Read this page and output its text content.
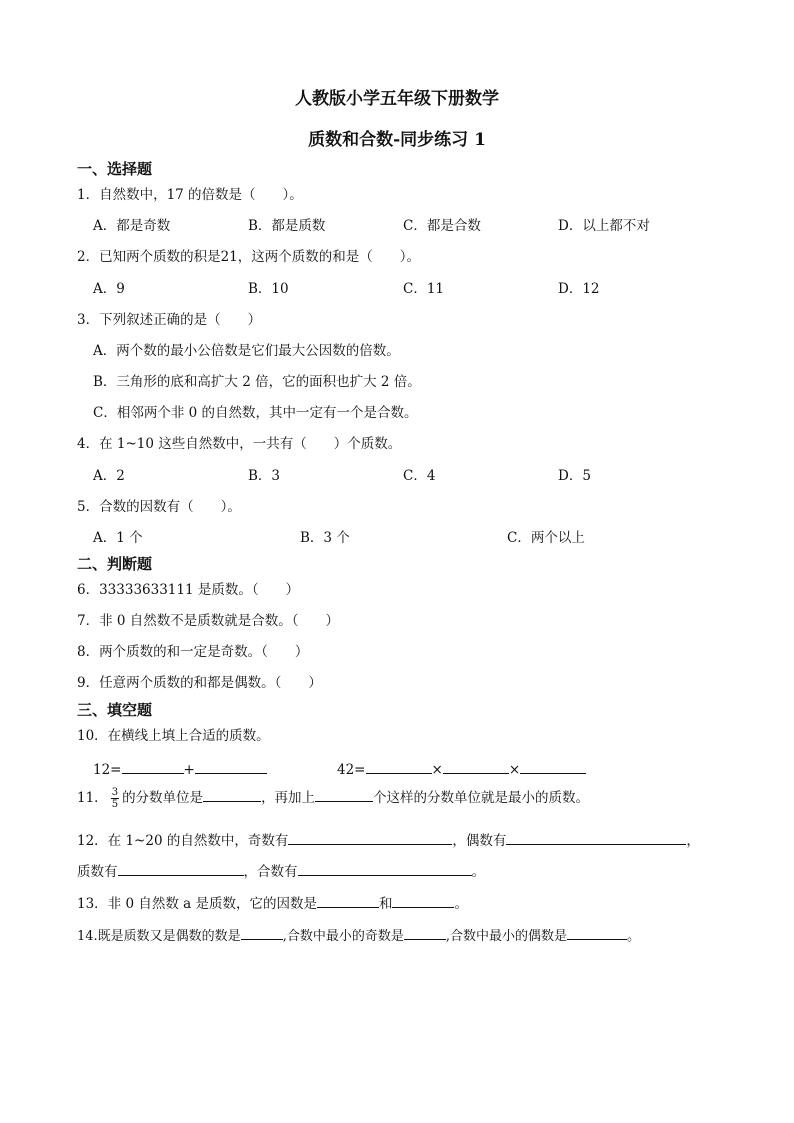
人教版小学五年级下册数学
质数和合数-同步练习 1
一、选择题
1．自然数中，17 的倍数是（　　）。
A．都是奇数	B．都是质数	C．都是合数	D．以上都不对
2．已知两个质数的积是21，这两个质数的和是（　　）。
A．9	B．10	C．11	D．12
3．下列叙述正确的是（　　）
A．两个数的最小公倍数是它们最大公因数的倍数。
B．三角形的底和高扩大 2 倍，它的面积也扩大 2 倍。
C．相邻两个非 0 的自然数，其中一定有一个是合数。
4．在 1~10 这些自然数中，一共有（　　）个质数。
A．2	B．3	C．4	D．5
5．合数的因数有（　　）。
A．1 个	B．3 个	C．两个以上
二、判断题
6．33333633111 是质数。（　　）
7．非 0 自然数不是质数就是合数。（　　）
8．两个质数的和一定是奇数。（　　）
9．任意两个质数的和都是偶数。（　　）
三、填空题
10．在横线上填上合适的质数。
12=	+	42=	×	×
11． $\frac{3}{5}$ 的分数单位是	，再加上	个这样的分数单位就是最小的质数。
12．在 1~20 的自然数中，奇数有	，偶数有	，
质数有	，合数有	。
13．非 0 自然数 a 是质数，它的因数是	和	。
14.既是质数又是偶数的数是	,合数中最小的奇数是	,合数中最小的偶数是	。
